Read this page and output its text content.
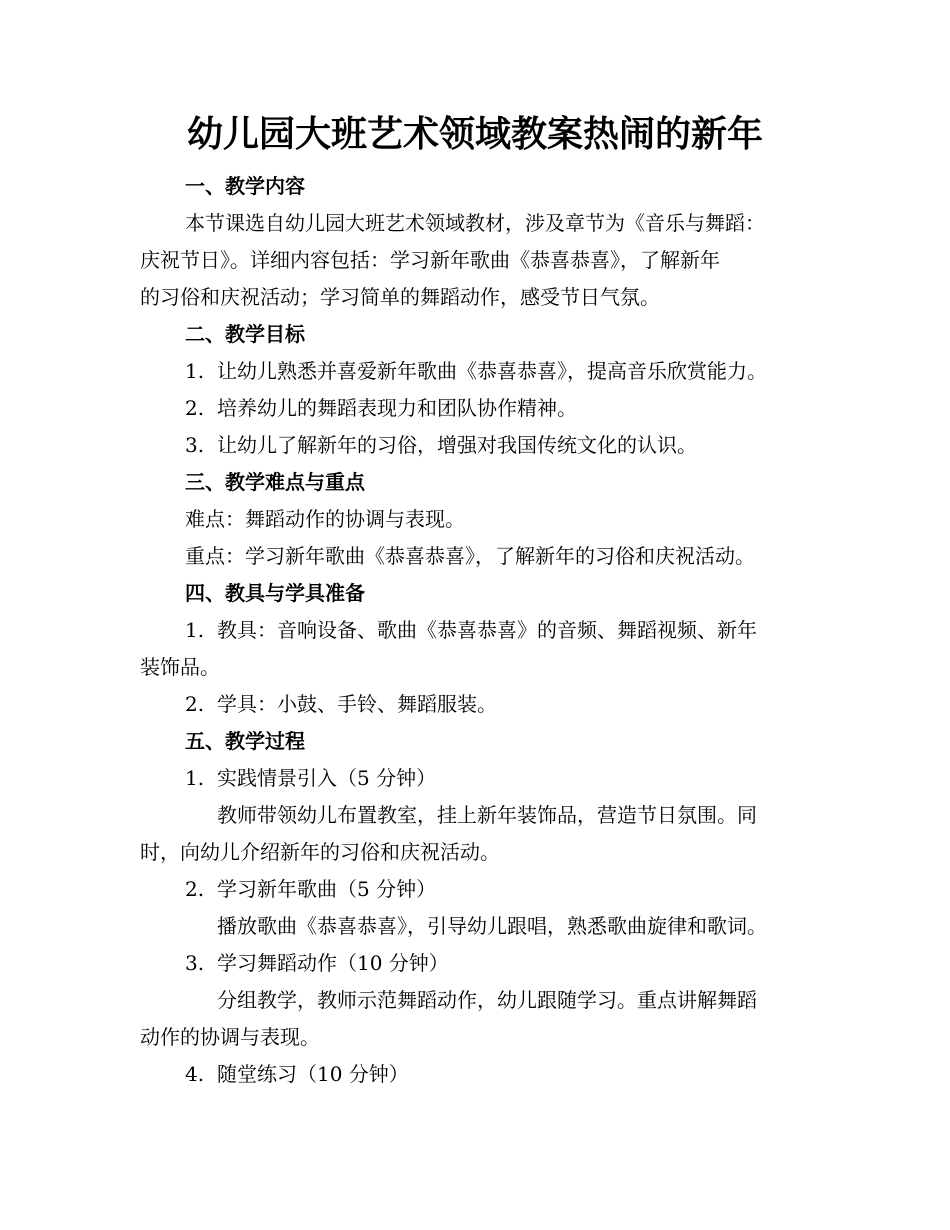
幼儿园大班艺术领域教案热闹的新年
一、教学内容
本节课选自幼儿园大班艺术领域教材，涉及章节为《音乐与舞蹈：
庆祝节日》。详细内容包括：学习新年歌曲《恭喜恭喜》，了解新年
的习俗和庆祝活动；学习简单的舞蹈动作，感受节日气氛。
二、教学目标
1. 让幼儿熟悉并喜爱新年歌曲《恭喜恭喜》，提高音乐欣赏能力。
2. 培养幼儿的舞蹈表现力和团队协作精神。
3. 让幼儿了解新年的习俗，增强对我国传统文化的认识。
三、教学难点与重点
难点：舞蹈动作的协调与表现。
重点：学习新年歌曲《恭喜恭喜》，了解新年的习俗和庆祝活动。
四、教具与学具准备
1. 教具：音响设备、歌曲《恭喜恭喜》的音频、舞蹈视频、新年
装饰品。
2. 学具：小鼓、手铃、舞蹈服装。
五、教学过程
1. 实践情景引入（5 分钟）
教师带领幼儿布置教室，挂上新年装饰品，营造节日氛围。同
时，向幼儿介绍新年的习俗和庆祝活动。
2. 学习新年歌曲（5 分钟）
播放歌曲《恭喜恭喜》，引导幼儿跟唱，熟悉歌曲旋律和歌词。
3. 学习舞蹈动作（10 分钟）
分组教学，教师示范舞蹈动作，幼儿跟随学习。重点讲解舞蹈
动作的协调与表现。
4. 随堂练习（10 分钟）
